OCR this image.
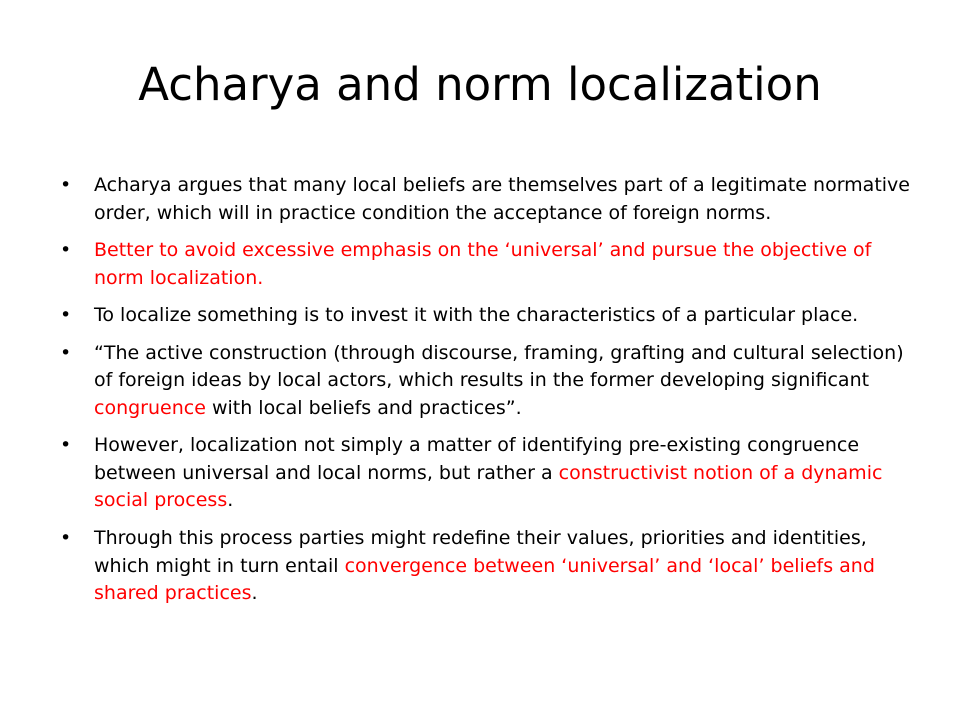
Acharya and norm localization
• Acharya argues that many local beliefs are themselves part of a legitimate normative order, which will in practice condition the acceptance of foreign norms.
• Better to avoid excessive emphasis on the ‘universal’ and pursue the objective of norm localization.
• To localize something is to invest it with the characteristics of a particular place.
• “The active construction (through discourse, framing, grafting and cultural selection) of foreign ideas by local actors, which results in the former developing significant congruence with local beliefs and practices”.
• However, localization not simply a matter of identifying pre-existing congruence between universal and local norms, but rather a constructivist notion of a dynamic social process.
• Through this process parties might redefine their values, priorities and identities, which might in turn entail convergence between ‘universal’ and ‘local’ beliefs and shared practices.
